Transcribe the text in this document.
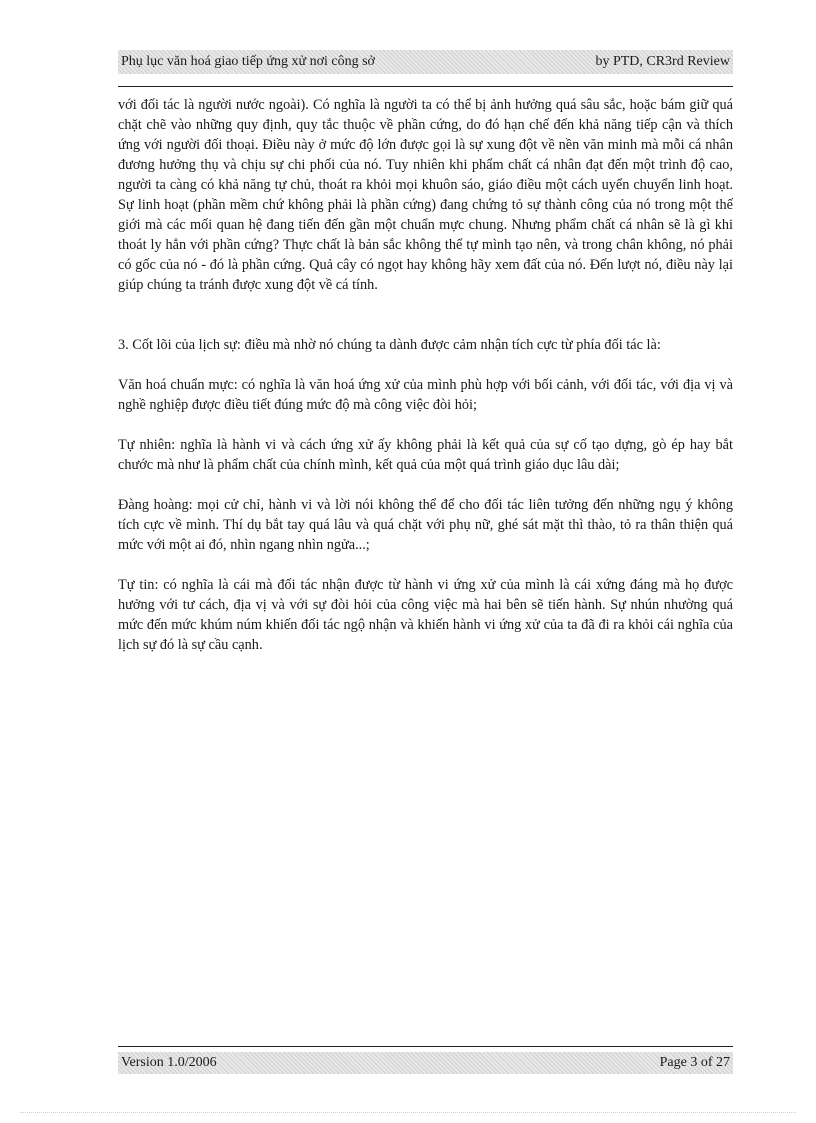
Phụ lục văn hoá giao tiếp ứng xử nơi công sở	by PTD, CR3rd Review

với đối tác là người nước ngoài). Có nghĩa là người ta có thể bị ảnh hưởng quá sâu sắc, hoặc bám giữ quá chặt chẽ vào những quy định, quy tắc thuộc về phần cứng, do đó hạn chế đến khả năng tiếp cận và thích ứng với người đối thoại. Điều này ở mức độ lớn được gọi là sự xung đột về nền văn minh mà mỗi cá nhân đương hưởng thụ và chịu sự chi phối của nó. Tuy nhiên khi phẩm chất cá nhân đạt đến một trình độ cao, người ta càng có khả năng tự chủ, thoát ra khỏi mọi khuôn sáo, giáo điều một cách uyển chuyển linh hoạt. Sự linh hoạt (phần mềm chứ không phải là phần cứng) đang chứng tỏ sự thành công của nó trong một thế giới mà các mối quan hệ đang tiến đến gần một chuẩn mực chung. Nhưng phẩm chất cá nhân sẽ là gì khi thoát ly hẳn với phần cứng? Thực chất là bản sắc không thể tự mình tạo nên, và trong chân không, nó phải có gốc của nó - đó là phần cứng. Quả cây có ngọt hay không hãy xem đất của nó. Đến lượt nó, điều này lại giúp chúng ta tránh được xung đột về cá tính.

3. Cốt lõi của lịch sự: điều mà nhờ nó chúng ta dành được cảm nhận tích cực từ phía đối tác là:

Văn hoá chuẩn mực: có nghĩa là văn hoá ứng xử của mình phù hợp với bối cảnh, với đối tác, với địa vị và nghề nghiệp được điều tiết đúng mức độ mà công việc đòi hỏi;

Tự nhiên: nghĩa là hành vi và cách ứng xử ấy không phải là kết quả của sự cố tạo dựng, gò ép hay bắt chước mà như là phẩm chất của chính mình, kết quả của một quá trình giáo dục lâu dài;

Đàng hoàng: mọi cử chỉ, hành vi và lời nói không thể để cho đối tác liên tưởng đến những ngụ ý không tích cực về mình. Thí dụ bắt tay quá lâu và quá chặt với phụ nữ, ghé sát mặt thì thào, tỏ ra thân thiện quá mức với một ai đó, nhìn ngang nhìn ngửa...;

Tự tin: có nghĩa là cái mà đối tác nhận được từ hành vi ứng xử của mình là cái xứng đáng mà họ được hưởng với tư cách, địa vị và với sự đòi hỏi của công việc mà hai bên sẽ tiến hành. Sự nhún nhường quá mức đến mức khúm núm khiến đối tác ngộ nhận và khiến hành vi ứng xử của ta đã đi ra khỏi cái nghĩa của lịch sự đó là sự cầu cạnh.

Version 1.0/2006	Page 3 of 27
